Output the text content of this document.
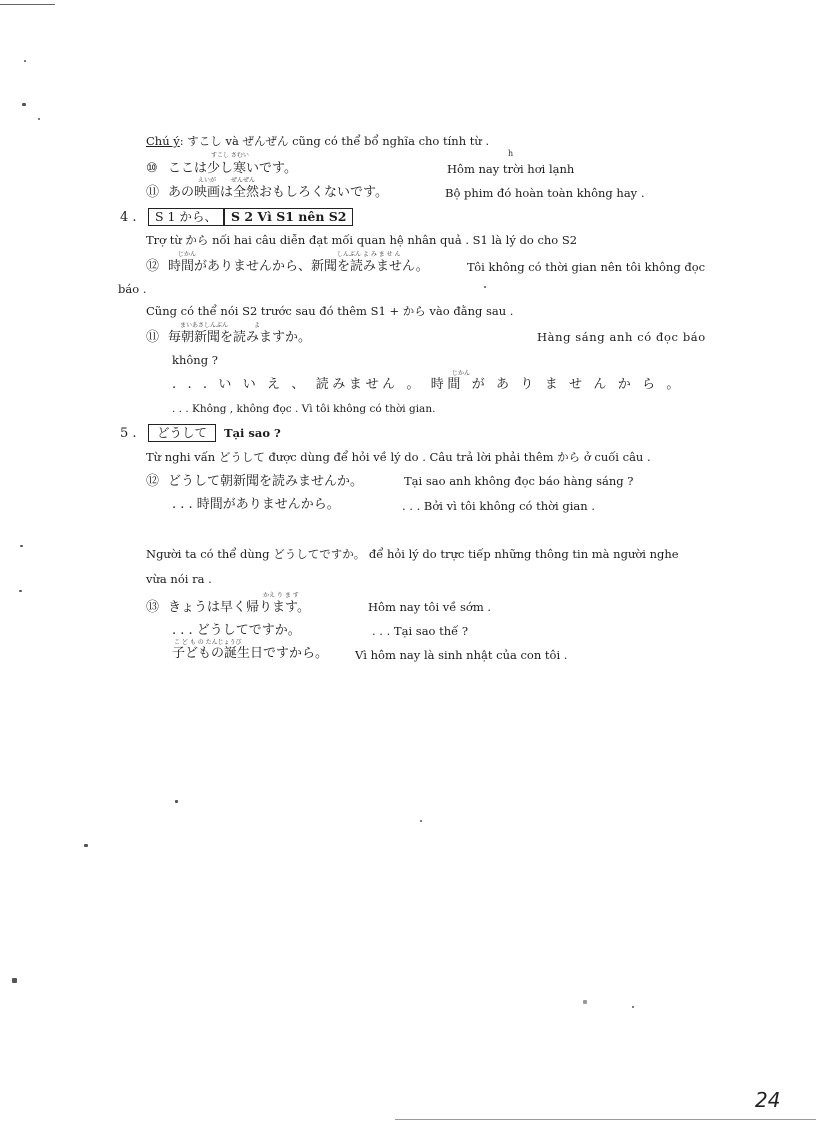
Chú ý: すこし và ぜんぜん cũng có thể bổ nghĩa cho tính từ .
すこし さむい	h
⑩ ここは少し寒いです。	Hôm nay trời hơi lạnh
えいが ぜんぜん
⑪ あの映画は全然おもしろくないです。	Bộ phim đó hoàn toàn không hay .
4 . S 1 から、 S 2 Vì S1 nên S2
Trợ từ から nối hai câu diễn đạt mối quan hệ nhân quả . S1 là lý do cho S2
じかん	しんぶん よ み ま せ ん
⑫ 時間がありませんから、新聞を読みません。	Tôi không có thời gian nên tôi không đọc
báo .
Cũng có thể nói S2 trước sau đó thêm S1 + から vào đằng sau .
まいあさしんぶん	よ
⑪ 毎朝新聞を読みますか。	Hàng sáng anh có đọc báo
không ?
じかん
. . . い い え 、 読みません 。 時間 が あ り ま せ ん か ら 。
. . . Không , không đọc . Vì tôi không có thời gian.
5 . どうして Tại sao ?
Từ nghi vấn どうして được dùng để hỏi về lý do . Câu trả lời phải thêm から ở cuối câu .
⑫ どうして朝新聞を読みませんか。	Tại sao anh không đọc báo hàng sáng ?
. . . 時間がありませんから。	. . . Bởi vì tôi không có thời gian .
Người ta có thể dùng どうしてですか。 để hỏi lý do trực tiếp những thông tin mà người nghe
vừa nói ra .
かえ り ま す
⑬ きょうは早く帰ります。	Hôm nay tôi về sớm .
. . . どうしてですか。	. . . Tại sao thế ?
こ ど も の たんじょうび
子どもの誕生日ですから。 Vì hôm nay là sinh nhật của con tôi .
24
